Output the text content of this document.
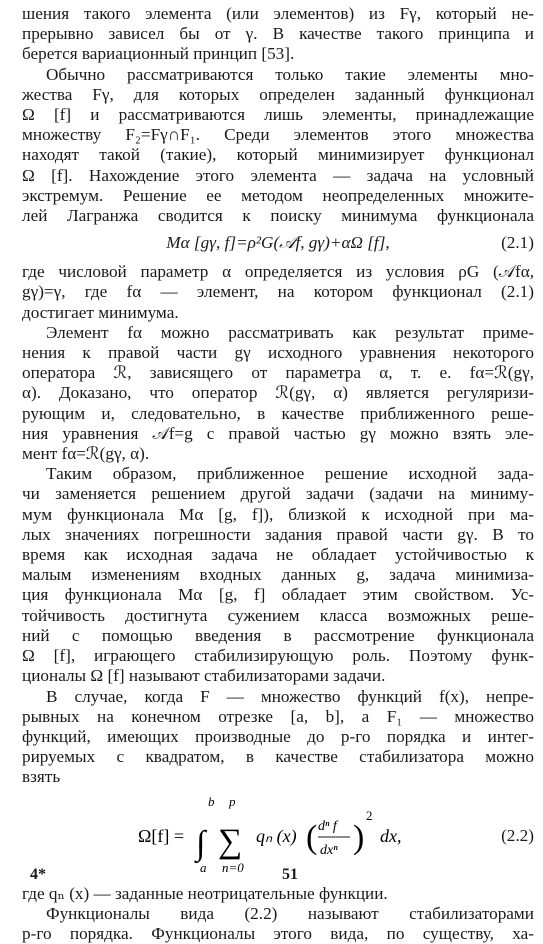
шения такого элемента (или элементов) из Fγ, который не-
прерывно зависел бы от γ. В качестве такого принципа и
берется вариационный принцип [53].
Обычно рассматриваются только такие элементы мно-
жества Fγ, для которых определен заданный функционал
Ω [f] и рассматриваются лишь элементы, принадлежащие
множеству F₂=Fγ∩F₁. Среди элементов этого множества
находят такой (такие), который минимизирует функционал
Ω [f]. Нахождение этого элемента — задача на условный
экстремум. Решение ее методом неопределенных множите-
лей Лагранжа сводится к поиску минимума функционала
Mα [gγ, f]=ρ²G(𝒜f, gγ)+αΩ [f],	(2.1)
где числовой параметр α определяется из условия ρG (𝒜fα,
gγ)=γ, где fα — элемент, на котором функционал (2.1)
достигает минимума.
Элемент fα можно рассматривать как результат приме-
нения к правой части gγ исходного уравнения некоторого
оператора ℛ, зависящего от параметра α, т. е. fα=ℛ(gγ,
α). Доказано, что оператор ℛ(gγ, α) является регуляризи-
рующим и, следовательно, в качестве приближенного реше-
ния уравнения 𝒜f=g с правой частью gγ можно взять эле-
мент fα=ℛ(gγ, α).
Таким образом, приближенное решение исходной зада-
чи заменяется решением другой задачи (задачи на миниму-
мум функционала Mα [g, f]), близкой к исходной при ма-
лых значениях погрешности задания правой части gγ. В то
время как исходная задача не обладает устойчивостью к
малым изменениям входных данных g, задача минимиза-
ция функционала Mα [g, f] обладает этим свойством. Ус-
тойчивость достигнута сужением класса возможных реше-
ний с помощью введения в рассмотрение функционала
Ω [f], играющего стабилизирующую роль. Поэтому функ-
ционалы Ω [f] называют стабилизаторами задачи.
В случае, когда F — множество функций f(x), непре-
рывных на конечном отрезке [a, b], а F₁ — множество
функций, имеющих производные до p-го порядка и интег-
рируемых с квадратом, в качестве стабилизатора можно
взять
Ω[f] = ∫
b
a
∑
p
n=0
qₙ (x) ( dⁿ f
dxⁿ )
2
dx,	(2.2)
где qₙ (x) — заданные неотрицательные функции.
Функционалы вида (2.2) называют стабилизаторами
p-го порядка. Функционалы этого вида, по существу, ха-
4*	51
